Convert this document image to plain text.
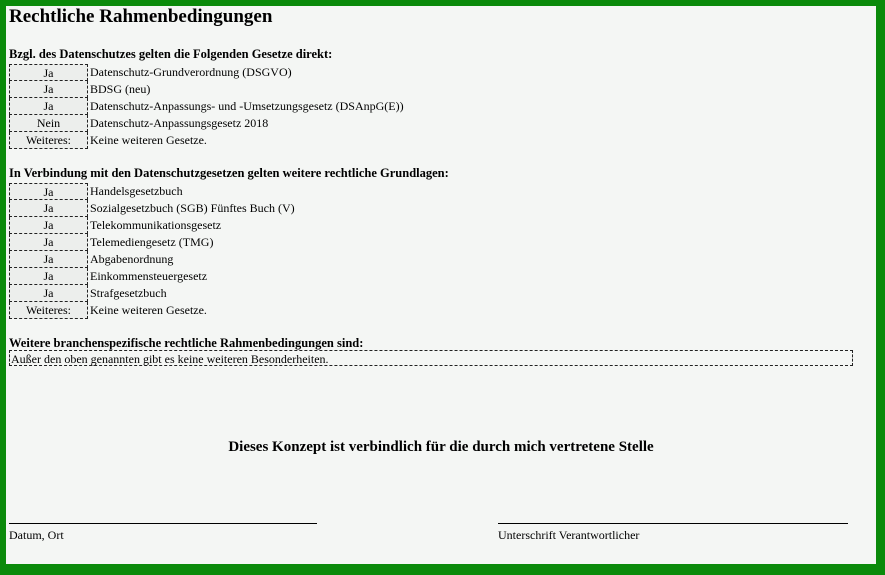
Rechtliche Rahmenbedingungen
Bzgl. des Datenschutzes gelten die Folgenden Gesetze direkt:
Ja	Datenschutz-Grundverordnung (DSGVO)
Ja	BDSG (neu)
Ja	Datenschutz-Anpassungs- und -Umsetzungsgesetz (DSAnpG(E))
Nein	Datenschutz-Anpassungsgesetz 2018
Weiteres:	Keine weiteren Gesetze.
In Verbindung mit den Datenschutzgesetzen gelten weitere rechtliche Grundlagen:
Ja	Handelsgesetzbuch
Ja	Sozialgesetzbuch (SGB) Fünftes Buch (V)
Ja	Telekommunikationsgesetz
Ja	Telemediengesetz (TMG)
Ja	Abgabenordnung
Ja	Einkommensteuergesetz
Ja	Strafgesetzbuch
Weiteres:	Keine weiteren Gesetze.
Weitere branchenspezifische rechtliche Rahmenbedingungen sind:
Außer den oben genannten gibt es keine weiteren Besonderheiten.
Dieses Konzept ist verbindlich für die durch mich vertretene Stelle
Datum, Ort	Unterschrift Verantwortlicher
